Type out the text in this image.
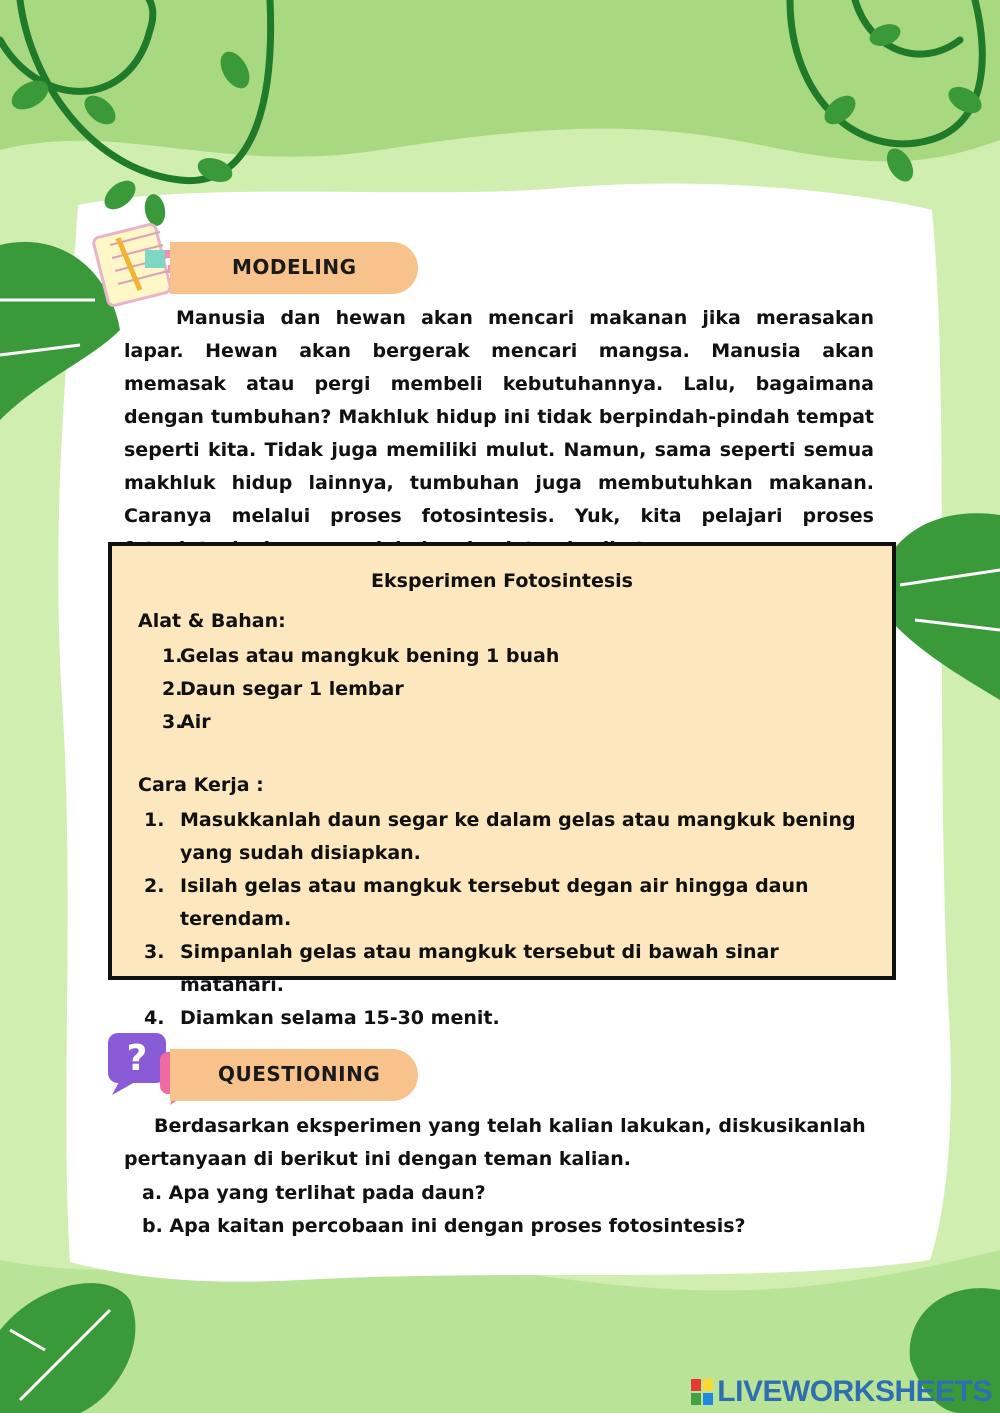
?
MODELING

Manusia dan hewan akan mencari makanan jika merasakan lapar. Hewan akan bergerak mencari mangsa. Manusia akan memasak atau pergi membeli kebutuhannya. Lalu, bagaimana dengan tumbuhan? Makhluk hidup ini tidak berpindah-pindah tempat seperti kita. Tidak juga memiliki mulut. Namun, sama seperti semua makhluk hidup lainnya, tumbuhan juga membutuhkan makanan. Caranya melalui proses fotosintesis. Yuk, kita pelajari proses

Eksperimen Fotosintesis
Alat & Bahan:
1.Gelas atau mangkuk bening 1 buah
2.Daun segar 1 lembar
3.Air
Cara Kerja :
1. Masukkanlah daun segar ke dalam gelas atau mangkuk bening yang sudah disiapkan.
2. Isilah gelas atau mangkuk tersebut degan air hingga daun terendam.
3. Simpanlah gelas atau mangkuk tersebut di bawah sinar matahari.
4. Diamkan selama 15-30 menit.
QUESTIONING

Berdasarkan eksperimen yang telah kalian lakukan, diskusikanlah pertanyaan di berikut ini dengan teman kalian.

a. Apa yang terlihat pada daun?
b. Apa kaitan percobaan ini dengan proses fotosintesis?
LIVEWORKSHEETS
